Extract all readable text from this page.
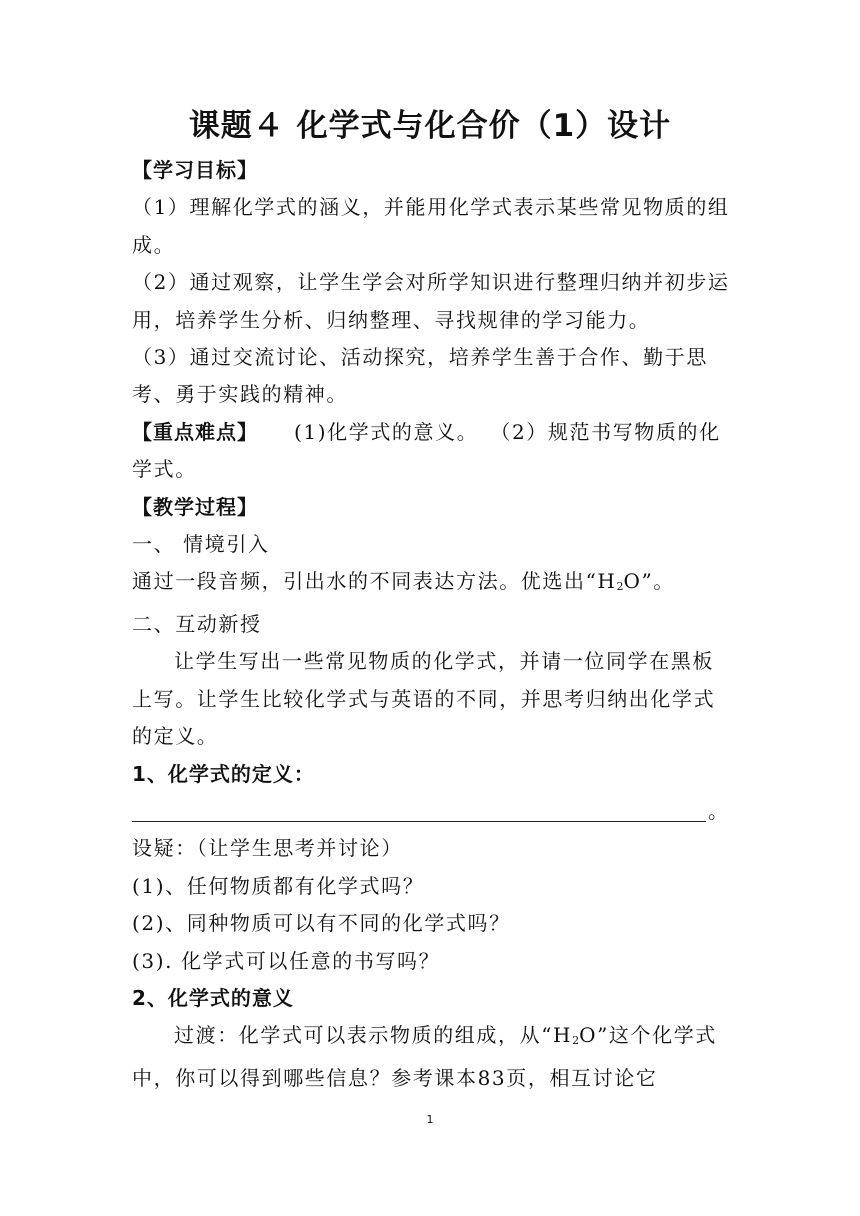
课题４ 化学式与化合价（1）设计

【学习目标】

（1）理解化学式的涵义，并能用化学式表示某些常见物质的组成。

（2）通过观察，让学生学会对所学知识进行整理归纳并初步运用，培养学生分析、归纳整理、寻找规律的学习能力。

（3）通过交流讨论、活动探究，培养学生善于合作、勤于思考、勇于实践的精神。

【重点难点】 (1)化学式的意义。 （2）规范书写物质的化学式。

【教学过程】

一、 情境引入

通过一段音频，引出水的不同表达方法。优选出“H2O”。

二、互动新授

让学生写出一些常见物质的化学式，并请一位同学在黑板上写。让学生比较化学式与英语的不同，并思考归纳出化学式的定义。

1、化学式的定义：

。

设疑：（让学生思考并讨论）

(1)、任何物质都有化学式吗？

(2)、同种物质可以有不同的化学式吗？

(3). 化学式可以任意的书写吗？

2、化学式的意义

过渡：化学式可以表示物质的组成，从“H2O”这个化学式中，你可以得到哪些信息？参考课本83页，相互讨论它

1
